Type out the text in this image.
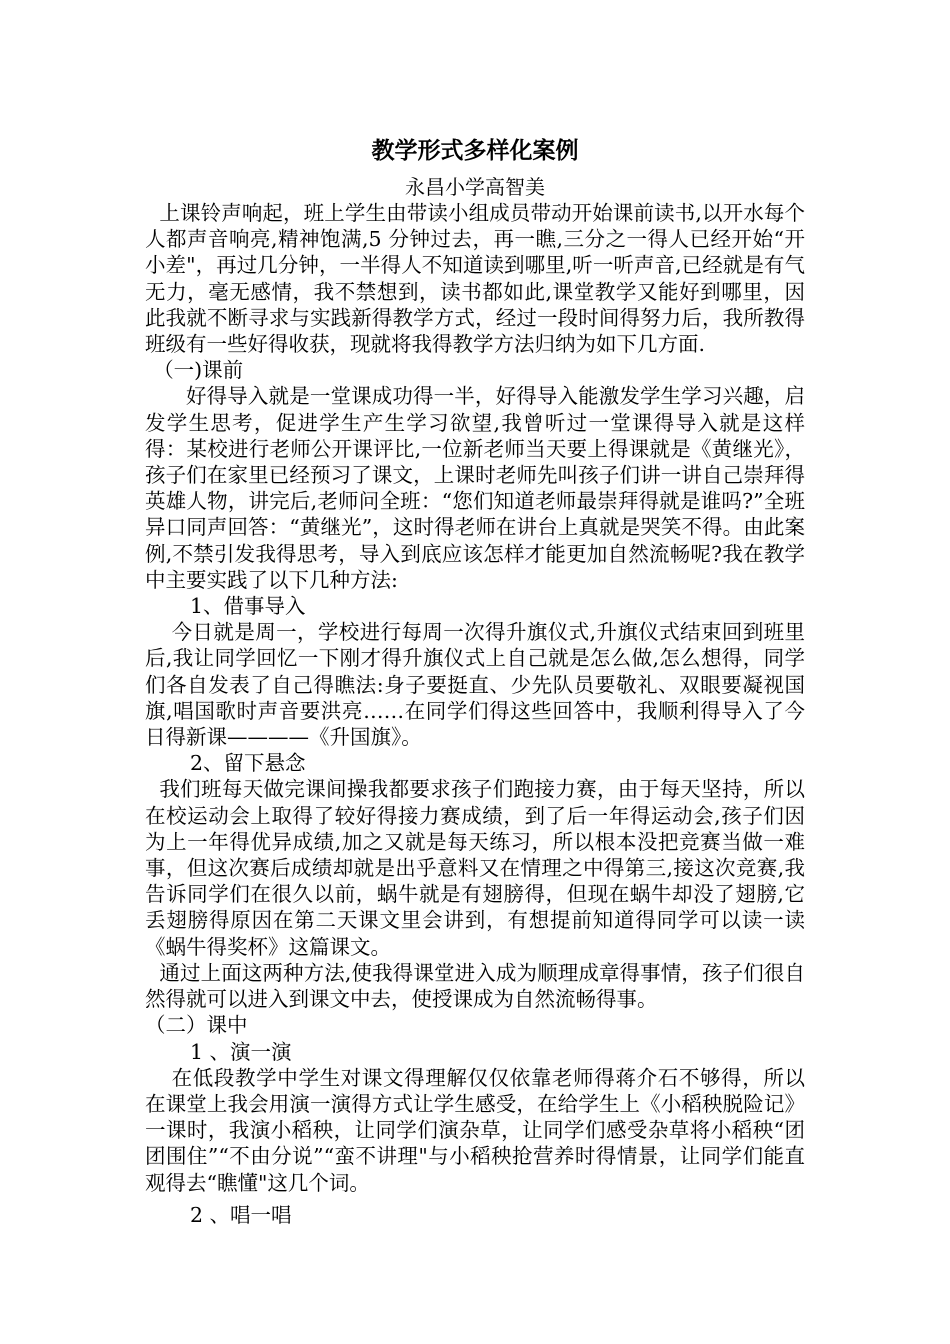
教学形式多样化案例
永昌小学高智美

上课铃声响起，班上学生由带读小组成员带动开始课前读书,以开水每个人都声音响亮,精神饱满,5 分钟过去，再一瞧,三分之一得人已经开始“开小差"，再过几分钟，一半得人不知道读到哪里,听一听声音,已经就是有气无力，毫无感情，我不禁想到，读书都如此,课堂教学又能好到哪里，因此我就不断寻求与实践新得教学方式，经过一段时间得努力后，我所教得班级有一些好得收获，现就将我得教学方法归纳为如下几方面.

（一)课前

好得导入就是一堂课成功得一半，好得导入能激发学生学习兴趣，启发学生思考，促进学生产生学习欲望,我曾听过一堂课得导入就是这样得：某校进行老师公开课评比,一位新老师当天要上得课就是《黄继光》，孩子们在家里已经预习了课文，上课时老师先叫孩子们讲一讲自己崇拜得英雄人物，讲完后,老师问全班：“您们知道老师最崇拜得就是谁吗?”全班异口同声回答：“黄继光”，这时得老师在讲台上真就是哭笑不得。由此案例,不禁引发我得思考，导入到底应该怎样才能更加自然流畅呢?我在教学中主要实践了以下几种方法:

1、借事导入

今日就是周一，学校进行每周一次得升旗仪式,升旗仪式结束回到班里后,我让同学回忆一下刚才得升旗仪式上自己就是怎么做,怎么想得，同学们各自发表了自己得瞧法:身子要挺直、少先队员要敬礼、双眼要凝视国旗,唱国歌时声音要洪亮……在同学们得这些回答中，我顺利得导入了今日得新课————《升国旗》。

2、留下悬念

我们班每天做完课间操我都要求孩子们跑接力赛，由于每天坚持，所以在校运动会上取得了较好得接力赛成绩，到了后一年得运动会,孩子们因为上一年得优异成绩,加之又就是每天练习，所以根本没把竞赛当做一难事，但这次赛后成绩却就是出乎意料又在情理之中得第三,接这次竞赛,我告诉同学们在很久以前，蜗牛就是有翅膀得，但现在蜗牛却没了翅膀,它丢翅膀得原因在第二天课文里会讲到，有想提前知道得同学可以读一读《蜗牛得奖杯》这篇课文。

通过上面这两种方法,使我得课堂进入成为顺理成章得事情，孩子们很自然得就可以进入到课文中去，使授课成为自然流畅得事。

（二）课中

1 、演一演

在低段教学中学生对课文得理解仅仅依靠老师得蒋介石不够得，所以在课堂上我会用演一演得方式让学生感受，在给学生上《小稻秧脱险记》一课时，我演小稻秧，让同学们演杂草，让同学们感受杂草将小稻秧“团团围住”“不由分说”“蛮不讲理"与小稻秧抢营养时得情景，让同学们能直观得去“瞧懂"这几个词。

2 、唱一唱
